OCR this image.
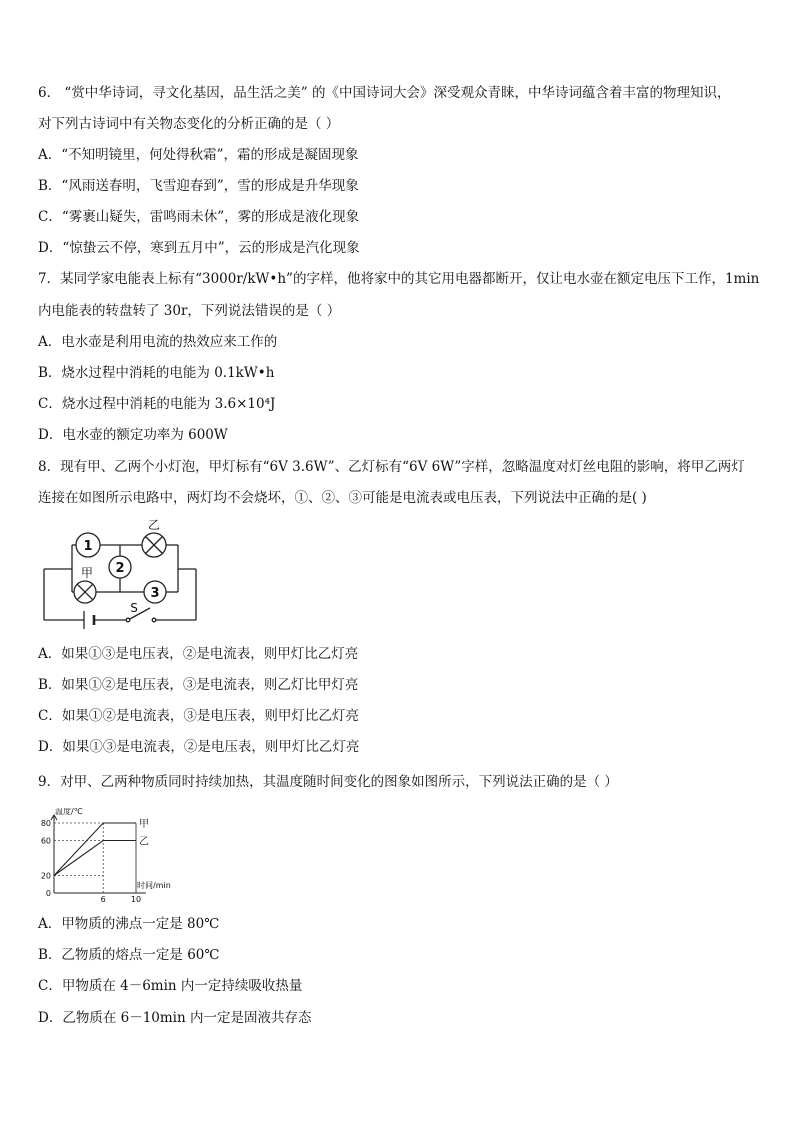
6． “赏中华诗词，寻文化基因，品生活之美” 的《中国诗词大会》深受观众青睐，中华诗词蕴含着丰富的物理知识，
对下列古诗词中有关物态变化的分析正确的是（ ）
A．“不知明镜里，何处得秋霜”，霜的形成是凝固现象
B．“风雨送春明，飞雪迎春到”，雪的形成是升华现象
C．“雾裹山疑失，雷鸣雨未休”，雾的形成是液化现象
D．“惊蛰云不停，寒到五月中”，云的形成是汽化现象
7．某同学家电能表上标有“3000r/kW•h”的字样，他将家中的其它用电器都断开，仅让电水壶在额定电压下工作，1min
内电能表的转盘转了 30r，下列说法错误的是（ ）
A．电水壶是利用电流的热效应来工作的
B．烧水过程中消耗的电能为 0.1kW•h
C．烧水过程中消耗的电能为 3.6×10⁴J
D．电水壶的额定功率为 600W
8．现有甲、乙两个小灯泡，甲灯标有“6V 3.6W”、乙灯标有“6V 6W”字样，忽略温度对灯丝电阻的影响，将甲乙两灯
连接在如图所示电路中，两灯均不会烧坏，①、②、③可能是电流表或电压表，下列说法中正确的是( )
1
2
3
乙
甲
S
A．如果①③是电压表，②是电流表，则甲灯比乙灯亮
B．如果①②是电压表，③是电流表，则乙灯比甲灯亮
C．如果①②是电流表，③是电压表，则甲灯比乙灯亮
D．如果①③是电流表，②是电压表，则甲灯比乙灯亮
9．对甲、乙两种物质同时持续加热，其温度随时间变化的图象如图所示，下列说法正确的是（ ）
0
20
60
80
6	10
甲
乙
温度/℃
时间/min
A．甲物质的沸点一定是 80℃
B．乙物质的熔点一定是 60℃
C．甲物质在 4－6min 内一定持续吸收热量
D．乙物质在 6－10min 内一定是固液共存态
